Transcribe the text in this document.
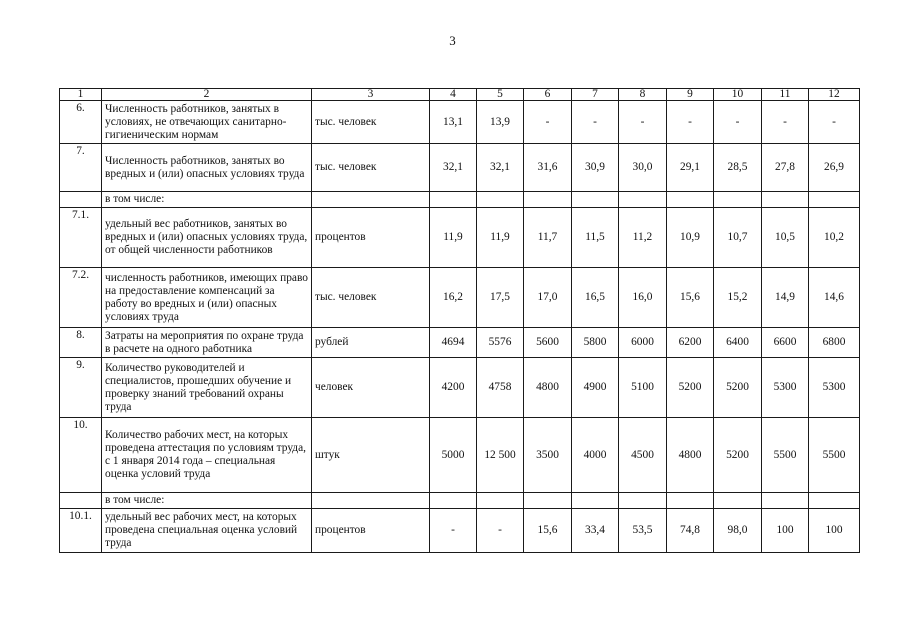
3
1	2	3	4	5	6	7	8	9	10	11	12
6.	Численность работников, занятых в условиях, не отвечающих санитарно-гигиеническим нормам	тыс. человек	13,1	13,9	-	-	-	-	-	-	-
7.	Численность работников, занятых во вредных и (или) опасных условиях труда	тыс. человек	32,1	32,1	31,6	30,9	30,0	29,1	28,5	27,8	26,9
	в том числе:										
7.1.	удельный вес работников, занятых во вредных и (или) опасных условиях труда, от общей численности работников	процентов	11,9	11,9	11,7	11,5	11,2	10,9	10,7	10,5	10,2
7.2.	численность работников, имеющих право на предоставление компенсаций за работу во вредных и (или) опасных условиях труда	тыс. человек	16,2	17,5	17,0	16,5	16,0	15,6	15,2	14,9	14,6
8.	Затраты на мероприятия по охране труда в расчете на одного работника	рублей	4694	5576	5600	5800	6000	6200	6400	6600	6800
9.	Количество руководителей и специалистов, прошедших обучение и проверку знаний требований охраны труда	человек	4200	4758	4800	4900	5100	5200	5200	5300	5300
10.	Количество рабочих мест, на которых проведена аттестация по условиям труда, с 1 января 2014 года – специальная оценка условий труда	штук	5000	12 500	3500	4000	4500	4800	5200	5500	5500
	в том числе:										
10.1.	удельный вес рабочих мест, на которых проведена специальная оценка условий труда	процентов	-	-	15,6	33,4	53,5	74,8	98,0	100	100
